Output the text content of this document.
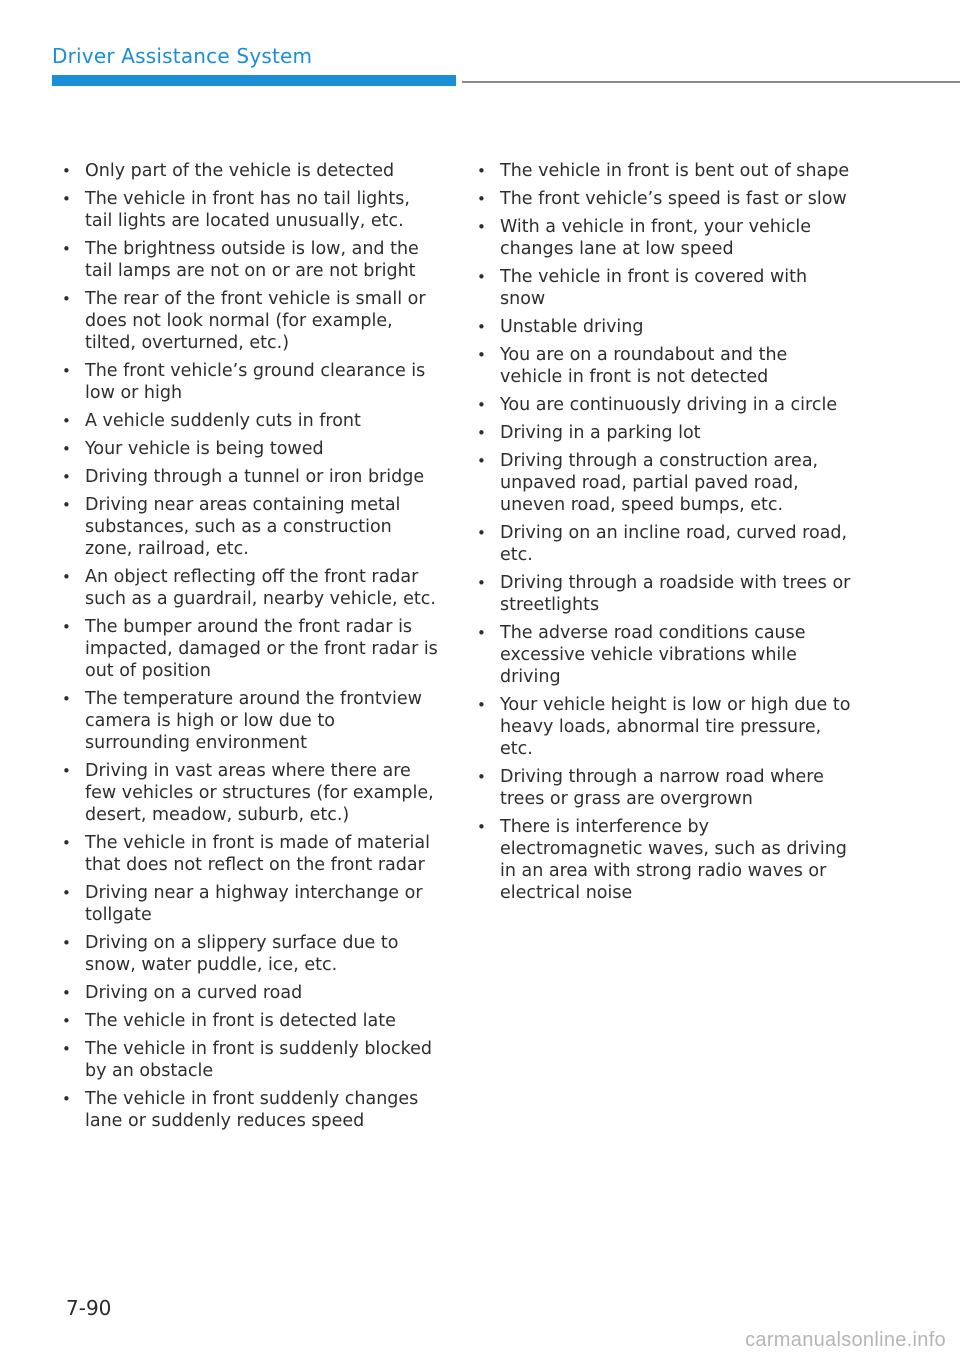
Driver Assistance System
• Only part of the vehicle is detected
• The vehicle in front has no tail lights, tail lights are located unusually, etc.
• The brightness outside is low, and the tail lamps are not on or are not bright
• The rear of the front vehicle is small or does not look normal (for example, tilted, overturned, etc.)
• The front vehicle’s ground clearance is low or high
• A vehicle suddenly cuts in front
• Your vehicle is being towed
• Driving through a tunnel or iron bridge
• Driving near areas containing metal substances, such as a construction zone, railroad, etc.
• An object reflecting off the front radar such as a guardrail, nearby vehicle, etc.
• The bumper around the front radar is impacted, damaged or the front radar is out of position
• The temperature around the frontview camera is high or low due to surrounding environment
• Driving in vast areas where there are few vehicles or structures (for example, desert, meadow, suburb, etc.)
• The vehicle in front is made of material that does not reflect on the front radar
• Driving near a highway interchange or tollgate
• Driving on a slippery surface due to snow, water puddle, ice, etc.
• Driving on a curved road
• The vehicle in front is detected late
• The vehicle in front is suddenly blocked by an obstacle
• The vehicle in front suddenly changes lane or suddenly reduces speed
• The vehicle in front is bent out of shape
• The front vehicle’s speed is fast or slow
• With a vehicle in front, your vehicle changes lane at low speed
• The vehicle in front is covered with snow
• Unstable driving
• You are on a roundabout and the vehicle in front is not detected
• You are continuously driving in a circle
• Driving in a parking lot
• Driving through a construction area, unpaved road, partial paved road, uneven road, speed bumps, etc.
• Driving on an incline road, curved road, etc.
• Driving through a roadside with trees or streetlights
• The adverse road conditions cause excessive vehicle vibrations while driving
• Your vehicle height is low or high due to heavy loads, abnormal tire pressure, etc.
• Driving through a narrow road where trees or grass are overgrown
• There is interference by electromagnetic waves, such as driving in an area with strong radio waves or electrical noise
7-90
carmanualsonline.info
